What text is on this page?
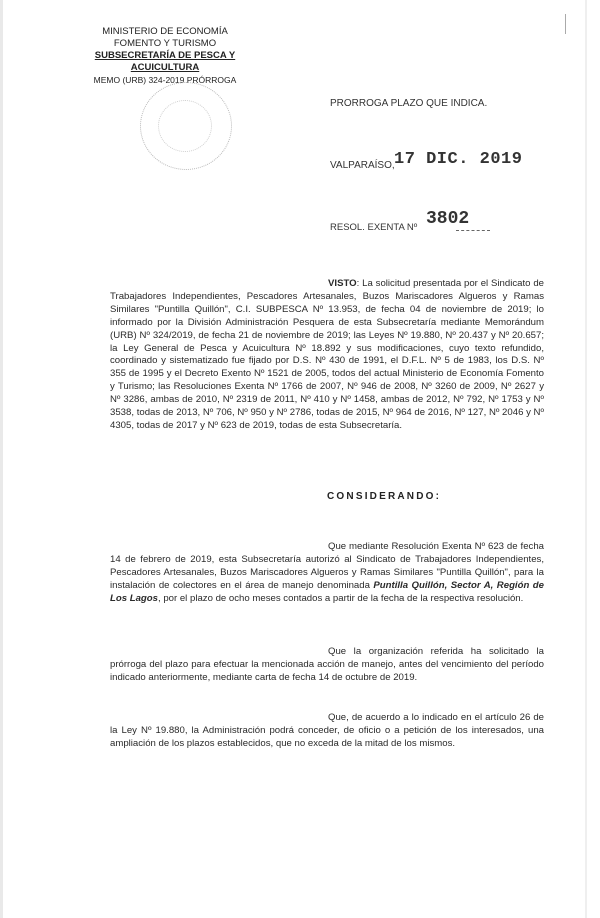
MINISTERIO DE ECONOMÍA
FOMENTO Y TURISMO
SUBSECRETARÍA DE PESCA Y ACUICULTURA
MEMO (URB) 324-2019 PRÓRROGA
PRORROGA PLAZO QUE INDICA.
VALPARAÍSO, 17 DIC. 2019
RESOL. EXENTA Nº 3802
VISTO: La solicitud presentada por el Sindicato de Trabajadores Independientes, Pescadores Artesanales, Buzos Mariscadores Algueros y Ramas Similares "Puntilla Quillón", C.I. SUBPESCA Nº 13.953, de fecha 04 de noviembre de 2019; lo informado por la División Administración Pesquera de esta Subsecretaría mediante Memorándum (URB) Nº 324/2019, de fecha 21 de noviembre de 2019; las Leyes Nº 19.880, Nº 20.437 y Nº 20.657; la Ley General de Pesca y Acuicultura Nº 18.892 y sus modificaciones, cuyo texto refundido, coordinado y sistematizado fue fijado por D.S. Nº 430 de 1991, el D.F.L. Nº 5 de 1983, los D.S. Nº 355 de 1995 y el Decreto Exento Nº 1521 de 2005, todos del actual Ministerio de Economía Fomento y Turismo; las Resoluciones Exenta Nº 1766 de 2007, Nº 946 de 2008, Nº 3260 de 2009, Nº 2627 y Nº 3286, ambas de 2010, Nº 2319 de 2011, Nº 410 y Nº 1458, ambas de 2012, Nº 792, Nº 1753 y Nº 3538, todas de 2013, Nº 706, Nº 950 y Nº 2786, todas de 2015, Nº 964 de 2016, Nº 127, Nº 2046 y Nº 4305, todas de 2017 y Nº 623 de 2019, todas de esta Subsecretaría.
CONSIDERANDO:
Que mediante Resolución Exenta Nº 623 de fecha 14 de febrero de 2019, esta Subsecretaría autorizó al Sindicato de Trabajadores Independientes, Pescadores Artesanales, Buzos Mariscadores Algueros y Ramas Similares "Puntilla Quillón", para la instalación de colectores en el área de manejo denominada Puntilla Quillón, Sector A, Región de Los Lagos, por el plazo de ocho meses contados a partir de la fecha de la respectiva resolución.
Que la organización referida ha solicitado la prórroga del plazo para efectuar la mencionada acción de manejo, antes del vencimiento del período indicado anteriormente, mediante carta de fecha 14 de octubre de 2019.
Que, de acuerdo a lo indicado en el artículo 26 de la Ley Nº 19.880, la Administración podrá conceder, de oficio o a petición de los interesados, una ampliación de los plazos establecidos, que no exceda de la mitad de los mismos.
